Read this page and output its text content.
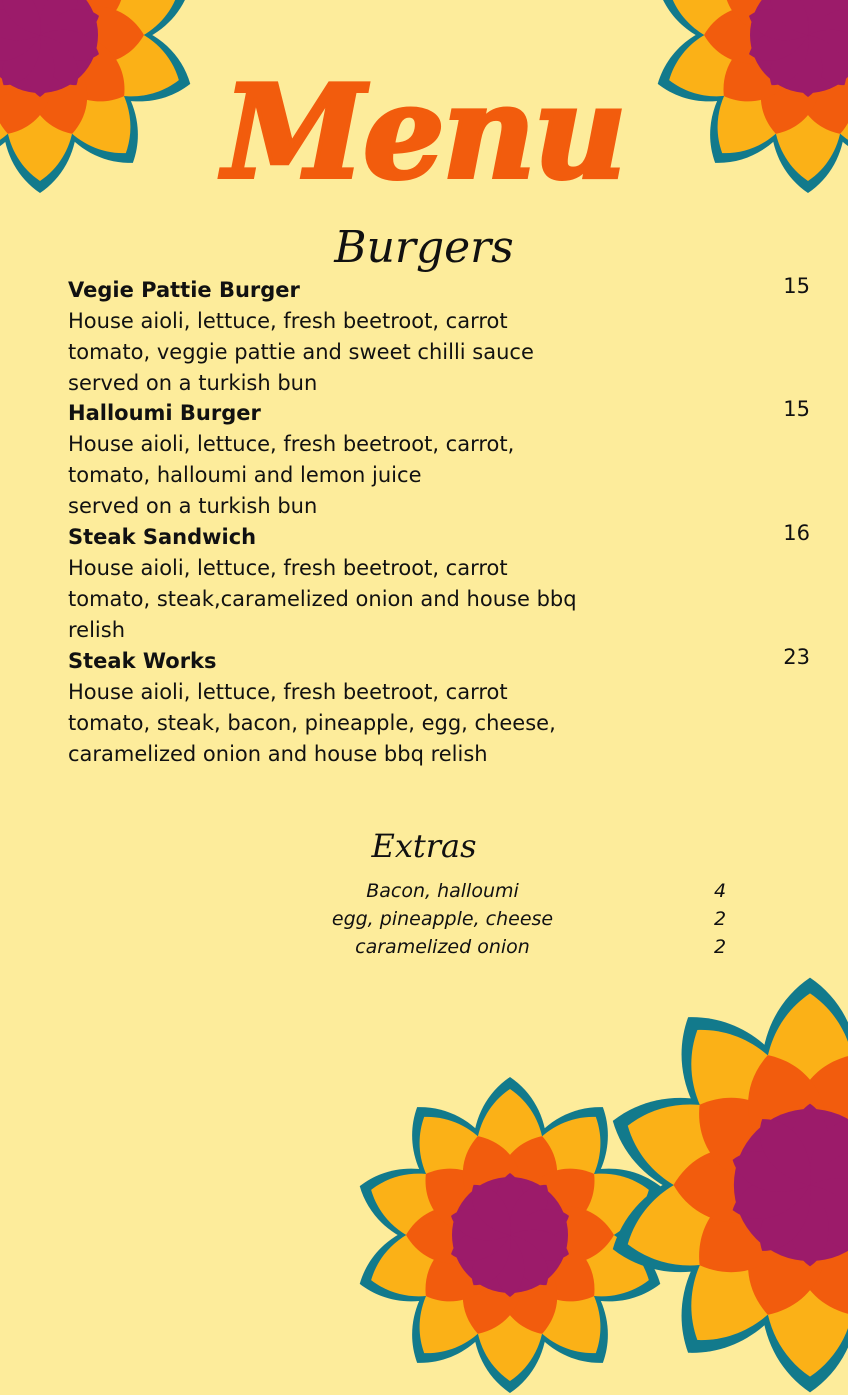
Menu
Burgers
Vegie Pattie Burger
House aioli, lettuce, fresh beetroot, carrot
tomato, veggie pattie and sweet chilli sauce
served on a turkish bun
15
Halloumi Burger
House aioli, lettuce, fresh beetroot, carrot,
tomato, halloumi and lemon juice
served on a turkish bun
15
Steak Sandwich
House aioli, lettuce, fresh beetroot, carrot
tomato, steak,caramelized onion and house bbq
relish
16
Steak Works
House aioli, lettuce, fresh beetroot, carrot
tomato, steak, bacon, pineapple, egg, cheese,
caramelized onion and house bbq relish
23
Extras
Bacon, halloumi	4
egg, pineapple, cheese	2
caramelized onion	2
